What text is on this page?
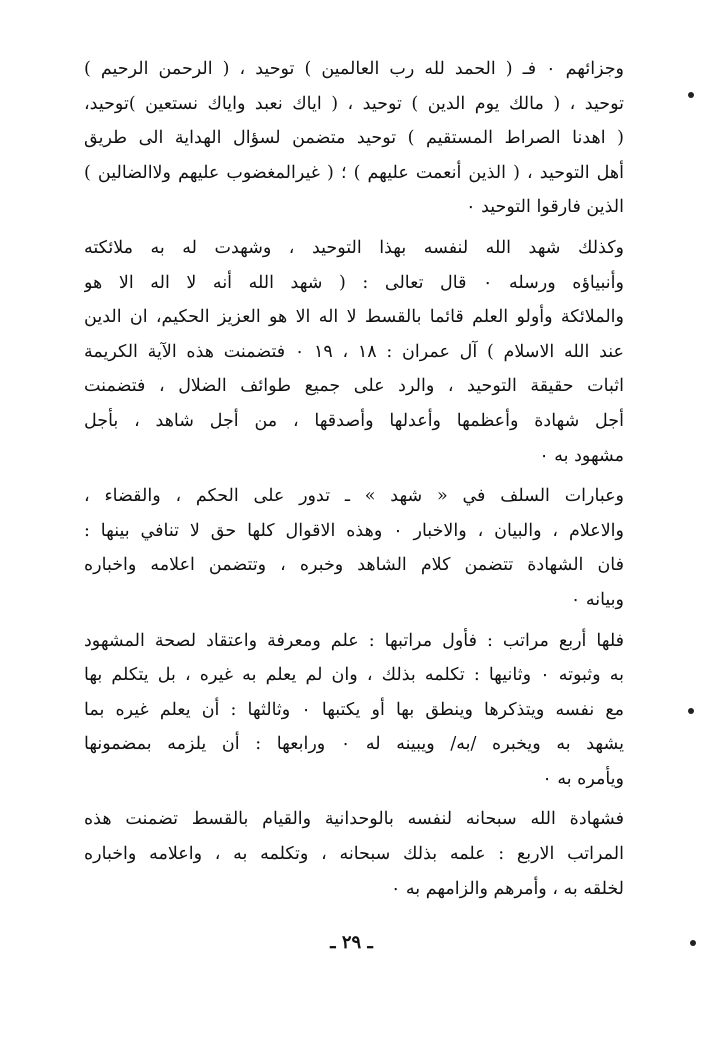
وجزائهم ٠ فـ ( الحمد لله رب العالمين ) توحيد ، ( الرحمن الرحيم )
توحيد ، ( مالك يوم الدين ) توحيد ، ( اياك نعبد واياك نستعين )توحيد،
( اهدنا الصراط المستقيم ) توحيد متضمن لسؤال الهداية الى طريق
أهل التوحيد ، ( الذين أنعمت عليهم ) ؛ ( غيرالمغضوب عليهم ولاالضالين )
الذين فارقوا التوحيد ٠
وكذلك شهد الله لنفسه بهذا التوحيد ، وشهدت له به ملائكته
وأنبياؤه ورسله ٠ قال تعالى : ( شهد الله أنه لا اله الا هو
والملائكة وأولو العلم قائما بالقسط لا اله الا هو العزيز الحكيم، ان الدين
عند الله الاسلام ) آل عمران : ١٨ ، ١٩ ٠ فتضمنت هذه الآية الكريمة
اثبات حقيقة التوحيد ، والرد على جميع طوائف الضلال ، فتضمنت
أجل شهادة وأعظمها وأعدلها وأصدقها ، من أجل شاهد ، بأجل
مشهود به ٠
وعبارات السلف في « شهد » ـ تدور على الحكم ، والقضاء ،
والاعلام ، والبيان ، والاخبار ٠ وهذه الاقوال كلها حق لا تنافي بينها :
فان الشهادة تتضمن كلام الشاهد وخبره ، وتتضمن اعلامه واخباره
وبيانه ٠
فلها أربع مراتب : فأول مراتبها : علم ومعرفة واعتقاد لصحة المشهود
به وثبوته ٠ وثانيها : تكلمه بذلك ، وان لم يعلم به غيره ، بل يتكلم بها
مع نفسه ويتذكرها وينطق بها أو يكتبها ٠ وثالثها : أن يعلم غيره بما
يشهد به ويخبره /به/ ويبينه له ٠ ورابعها : أن يلزمه بمضمونها
ويأمره به ٠
فشهادة الله سبحانه لنفسه بالوحدانية والقيام بالقسط تضمنت هذه
المراتب الاربع : علمه بذلك سبحانه ، وتكلمه به ، واعلامه واخباره
لخلقه به ، وأمرهم والزامهم به ٠
ـ ٢٩ ـ
